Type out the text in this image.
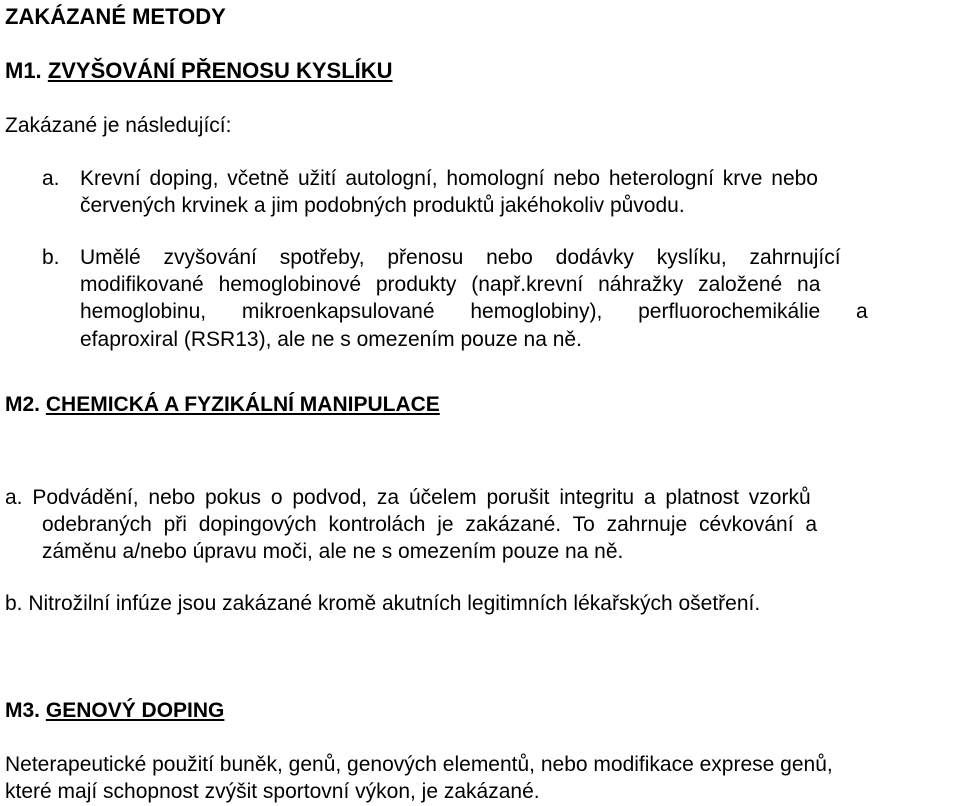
ZAKÁZANÉ METODY
M1. ZVYŠOVÁNÍ PŘENOSU KYSLÍKU
Zakázané je následující:
a. Krevní doping, včetně užití autologní, homologní nebo heterologní krve nebo
červených krvinek a jim podobných produktů jakéhokoliv původu.
b. Umělé zvyšování spotřeby, přenosu nebo dodávky kyslíku, zahrnující
modifikované hemoglobinové produkty (např.krevní náhražky založené na
hemoglobinu, mikroenkapsulované hemoglobiny), perfluorochemikálie a
efaproxiral (RSR13), ale ne s omezením pouze na ně.
M2. CHEMICKÁ A FYZIKÁLNÍ MANIPULACE
a. Podvádění, nebo pokus o podvod, za účelem porušit integritu a platnost vzorků
odebraných při dopingových kontrolách je zakázané. To zahrnuje cévkování a
záměnu a/nebo úpravu moči, ale ne s omezením pouze na ně.
b. Nitrožilní infúze jsou zakázané kromě akutních legitimních lékařských ošetření.
M3. GENOVÝ DOPING
Neterapeutické použití buněk, genů, genových elementů, nebo modifikace exprese genů,
které mají schopnost zvýšit sportovní výkon, je zakázané.
